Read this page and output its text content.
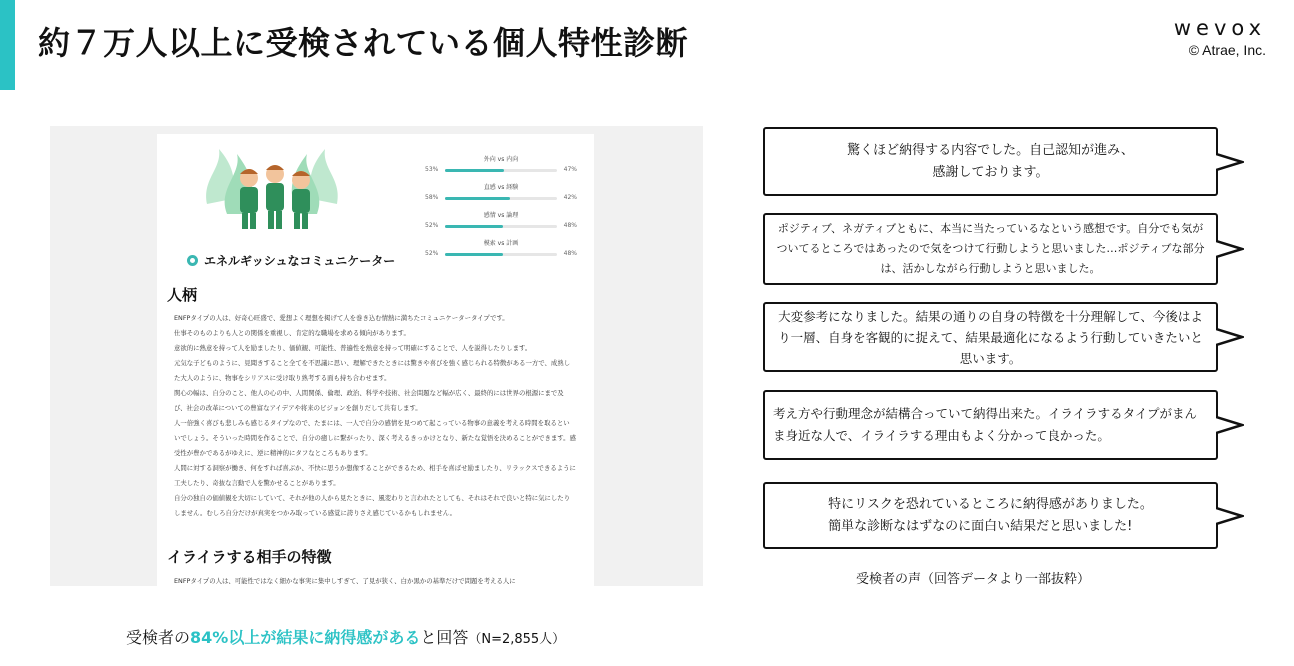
約７万人以上に受検されている個人特性診断	wevox
© Atrae, Inc.
エネルギッシュなコミュニケーター
外向 vs 内向
53%	47%
直感 vs 経験
58%	42%
感情 vs 論理
52%	48%
模索 vs 計画
52%	48%
人柄

ENFPタイプの人は、好奇心旺盛で、愛想よく理想を掲げて人を巻き込む情熱に満ちたコミュニケータータイプです。

仕事そのものよりも人との関係を重視し、肯定的な職場を求める傾向があります。

意欲的に熱意を持って人を励ましたり、価値観、可能性、普遍性を熱意を持って明確にすることで、人を説得したりします。

元気な子どものように、見聞きすること全てを不思議に思い、理解できたときには驚きや喜びを強く感じられる特徴がある一方で、成熟した大人のように、物事をシリアスに受け取り熟考する面も持ち合わせます。

関心の幅は、自分のこと、他人の心の中、人間関係、倫理、政治、科学や技術、社会問題など幅が広く、最終的には世界の根源にまで及び、社会の改革についての豊富なアイデアや将来のビジョンを創りだして共有します。

人一倍強く喜びも悲しみも感じるタイプなので、たまには、一人で自分の感情を見つめて起こっている物事の意義を考える時間を取るといいでしょう。そういった時間を作ることで、自分の癒しに繋がったり、深く考えるきっかけとなり、新たな覚悟を決めることができます。感受性が豊かであるがゆえに、逆に精神的にタフなところもあります。

人間に対する洞察が働き、何をすれば喜ぶか、不快に思うか想像することができるため、相手を喜ばせ励ましたり、リラックスできるように工夫したり、奇抜な言動で人を驚かせることがあります。

自分の独自の価値観を大切にしていて、それが他の人から見たときに、風変わりと言われたとしても、それはそれで良いと特に気にしたりしません。むしろ自分だけが真実をつかみ取っている感覚に誇りさえ感じているかもしれません。

イライラする相手の特徴
ENFPタイプの人は、可能性ではなく細かな事実に集中しすぎて、了見が狭く、白か黒かの基準だけで問題を考える人に
驚くほど納得する内容でした。自己認知が進み、
感謝しております。
ポジティブ、ネガティブともに、本当に当たっているなという感想です。自分でも気がついてるところではあったので気をつけて行動しようと思いました…ポジティブな部分は、活かしながら行動しようと思いました。
大変参考になりました。結果の通りの自身の特徴を十分理解して、今後はより一層、自身を客観的に捉えて、結果最適化になるよう行動していきたいと思います。
考え方や行動理念が結構合っていて納得出来た。イライラするタイプがまんま身近な人で、イライラする理由もよく分かって良かった。
特にリスクを恐れているところに納得感がありました。
簡単な診断なはずなのに面白い結果だと思いました!
受検者の声（回答データより一部抜粋）
受検者の84%以上が結果に納得感があると回答（N=2,855人）
